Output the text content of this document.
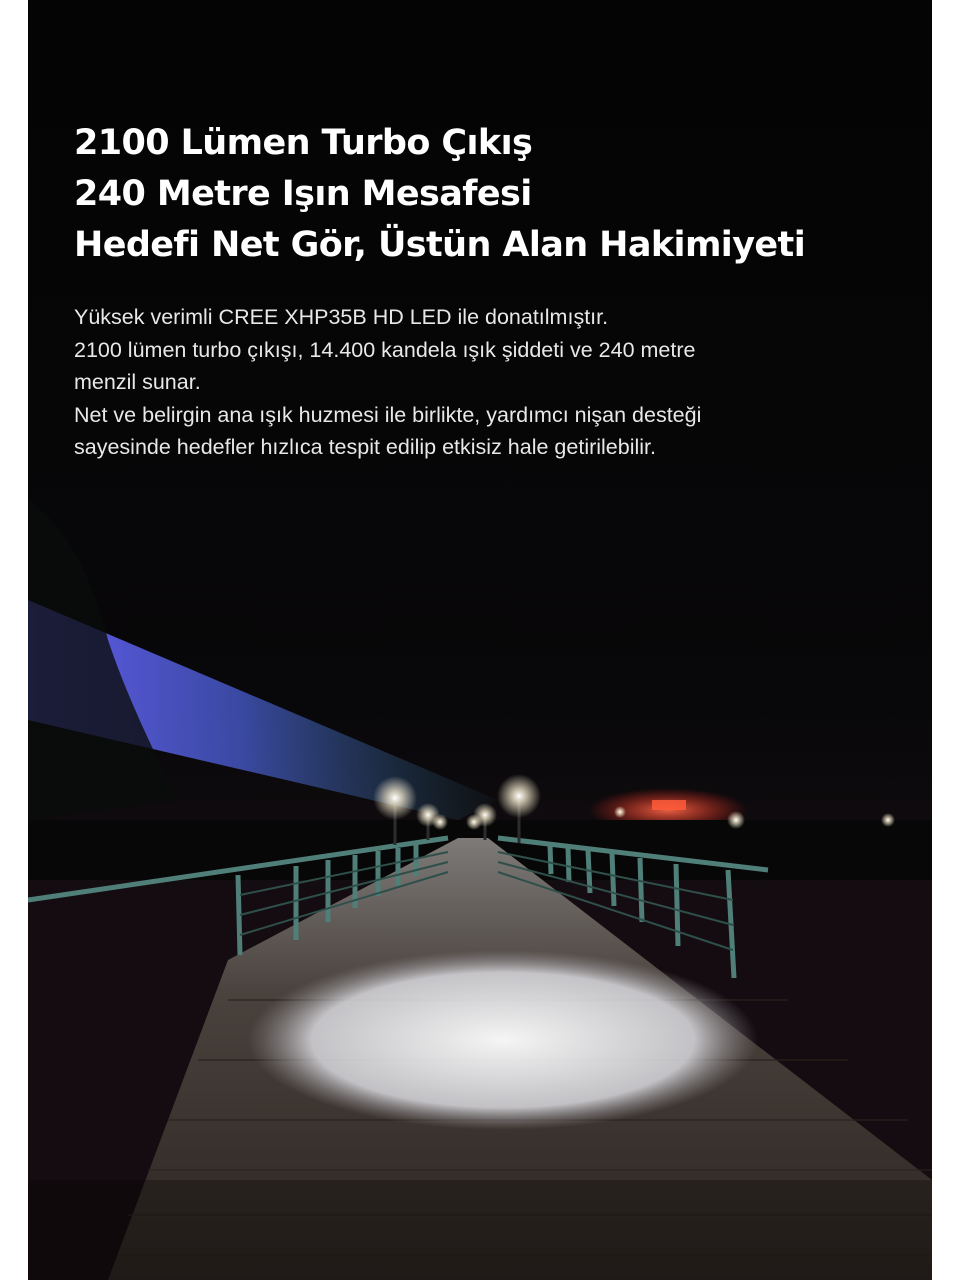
2100 Lümen Turbo Çıkış
240 Metre Işın Mesafesi
Hedefi Net Gör, Üstün Alan Hakimiyeti

Yüksek verimli CREE XHP35B HD LED ile donatılmıştır.
2100 lümen turbo çıkışı, 14.400 kandela ışık şiddeti ve 240 metre
menzil sunar.
Net ve belirgin ana ışık huzmesi ile birlikte, yardımcı nişan desteği
sayesinde hedefler hızlıca tespit edilip etkisiz hale getirilebilir.
